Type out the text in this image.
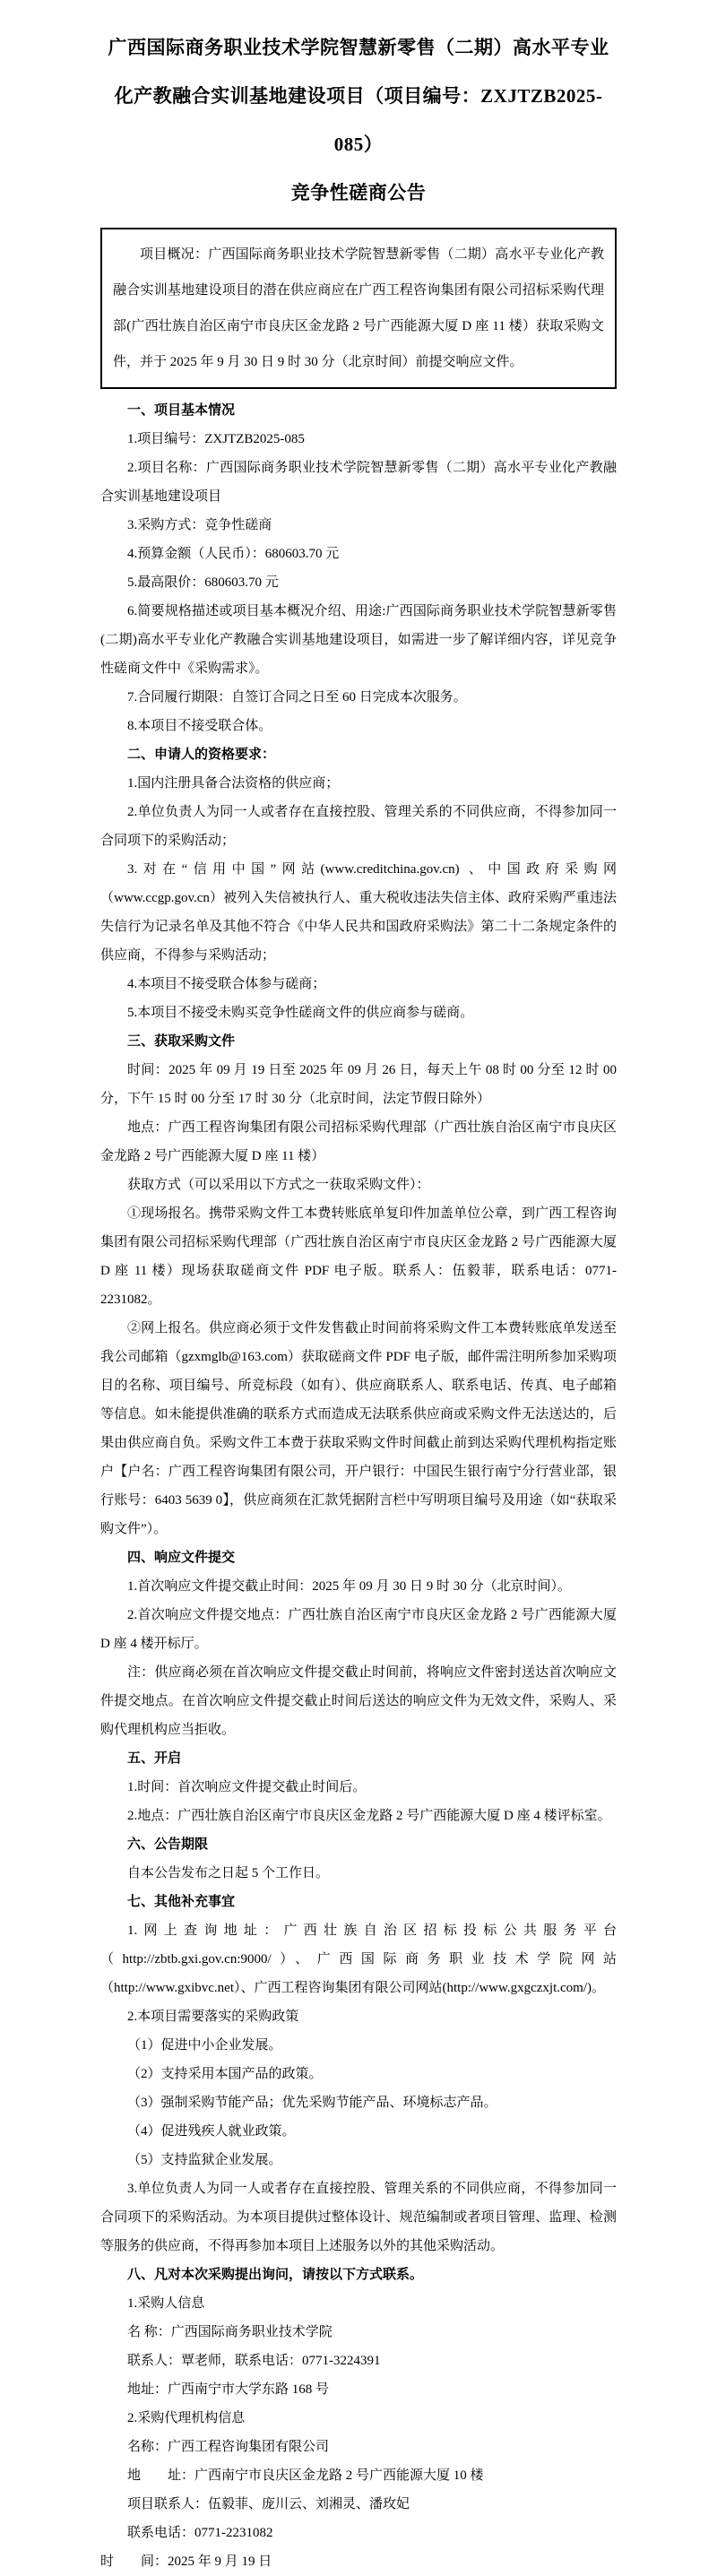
广西国际商务职业技术学院智慧新零售（二期）高水平专业
化产教融合实训基地建设项目（项目编号：ZXJTZB2025-085）
竞争性磋商公告
项目概况：广西国际商务职业技术学院智慧新零售（二期）高水平专业化产教融合实训基地建设项目的潜在供应商应在广西工程咨询集团有限公司招标采购代理部(广西壮族自治区南宁市良庆区金龙路 2 号广西能源大厦 D 座 11 楼）获取采购文件，并于 2025 年 9 月 30 日 9 时 30 分（北京时间）前提交响应文件。

一、项目基本情况

1.项目编号：ZXJTZB2025-085

2.项目名称：广西国际商务职业技术学院智慧新零售（二期）高水平专业化产教融合实训基地建设项目

3.采购方式：竞争性磋商

4.预算金额（人民币）：680603.70 元

5.最高限价：680603.70 元

6.简要规格描述或项目基本概况介绍、用途:广西国际商务职业技术学院智慧新零售(二期)高水平专业化产教融合实训基地建设项目，如需进一步了解详细内容，详见竞争性磋商文件中《采购需求》。

7.合同履行期限：自签订合同之日至 60 日完成本次服务。

8.本项目不接受联合体。

二、申请人的资格要求：

1.国内注册具备合法资格的供应商；

2.单位负责人为同一人或者存在直接控股、管理关系的不同供应商，不得参加同一合同项下的采购活动；

3.对在“信用中国”网站(www.creditchina.gov.cn) 、中国政府采购网（www.ccgp.gov.cn）被列入失信被执行人、重大税收违法失信主体、政府采购严重违法失信行为记录名单及其他不符合《中华人民共和国政府采购法》第二十二条规定条件的供应商，不得参与采购活动；

4.本项目不接受联合体参与磋商；

5.本项目不接受未购买竞争性磋商文件的供应商参与磋商。

三、获取采购文件

时间：2025 年 09 月 19 日至 2025 年 09 月 26 日，每天上午 08 时 00 分至 12 时 00 分，下午 15 时 00 分至 17 时 30 分（北京时间，法定节假日除外）

地点：广西工程咨询集团有限公司招标采购代理部（广西壮族自治区南宁市良庆区金龙路 2 号广西能源大厦 D 座 11 楼）

获取方式（可以采用以下方式之一获取采购文件）：

①现场报名。携带采购文件工本费转账底单复印件加盖单位公章，到广西工程咨询集团有限公司招标采购代理部（广西壮族自治区南宁市良庆区金龙路 2 号广西能源大厦 D 座 11 楼）现场获取磋商文件 PDF 电子版。联系人：伍毅菲，联系电话：0771-2231082。

②网上报名。供应商必须于文件发售截止时间前将采购文件工本费转账底单发送至我公司邮箱（gzxmglb@163.com）获取磋商文件 PDF 电子版，邮件需注明所参加采购项目的名称、项目编号、所竞标段（如有）、供应商联系人、联系电话、传真、电子邮箱等信息。如未能提供准确的联系方式而造成无法联系供应商或采购文件无法送达的，后果由供应商自负。采购文件工本费于获取采购文件时间截止前到达采购代理机构指定账户【户名：广西工程咨询集团有限公司，开户银行：中国民生银行南宁分行营业部，银行账号：6403 5639 0】，供应商须在汇款凭据附言栏中写明项目编号及用途（如“获取采购文件”）。

四、响应文件提交

1.首次响应文件提交截止时间：2025 年 09 月 30 日 9 时 30 分（北京时间）。

2.首次响应文件提交地点：广西壮族自治区南宁市良庆区金龙路 2 号广西能源大厦 D 座 4 楼开标厅。

注：供应商必须在首次响应文件提交截止时间前，将响应文件密封送达首次响应文件提交地点。在首次响应文件提交截止时间后送达的响应文件为无效文件，采购人、采购代理机构应当拒收。

五、开启

1.时间：首次响应文件提交截止时间后。

2.地点：广西壮族自治区南宁市良庆区金龙路 2 号广西能源大厦 D 座 4 楼评标室。

六、公告期限

自本公告发布之日起 5 个工作日。

七、其他补充事宜

1.网上查询地址：广西壮族自治区招标投标公共服务平台（http://zbtb.gxi.gov.cn:9000/）、广西国际商务职业技术学院网站（http://www.gxibvc.net）、广西工程咨询集团有限公司网站(http://www.gxgczxjt.com/)。

2.本项目需要落实的采购政策

（1）促进中小企业发展。

（2）支持采用本国产品的政策。

（3）强制采购节能产品；优先采购节能产品、环境标志产品。

（4）促进残疾人就业政策。

（5）支持监狱企业发展。

3.单位负责人为同一人或者存在直接控股、管理关系的不同供应商，不得参加同一合同项下的采购活动。为本项目提供过整体设计、规范编制或者项目管理、监理、检测等服务的供应商，不得再参加本项目上述服务以外的其他采购活动。

八、凡对本次采购提出询问，请按以下方式联系。

1.采购人信息

名 称：广西国际商务职业技术学院

联系人：覃老师，联系电话：0771-3224391

地址：广西南宁市大学东路 168 号

2.采购代理机构信息

名称：广西工程咨询集团有限公司

地　　址：广西南宁市良庆区金龙路 2 号广西能源大厦 10 楼

项目联系人：伍毅菲、庞川云、刘湘灵、潘玫妃

联系电话：0771-2231082

时　　间：2025 年 9 月 19 日
